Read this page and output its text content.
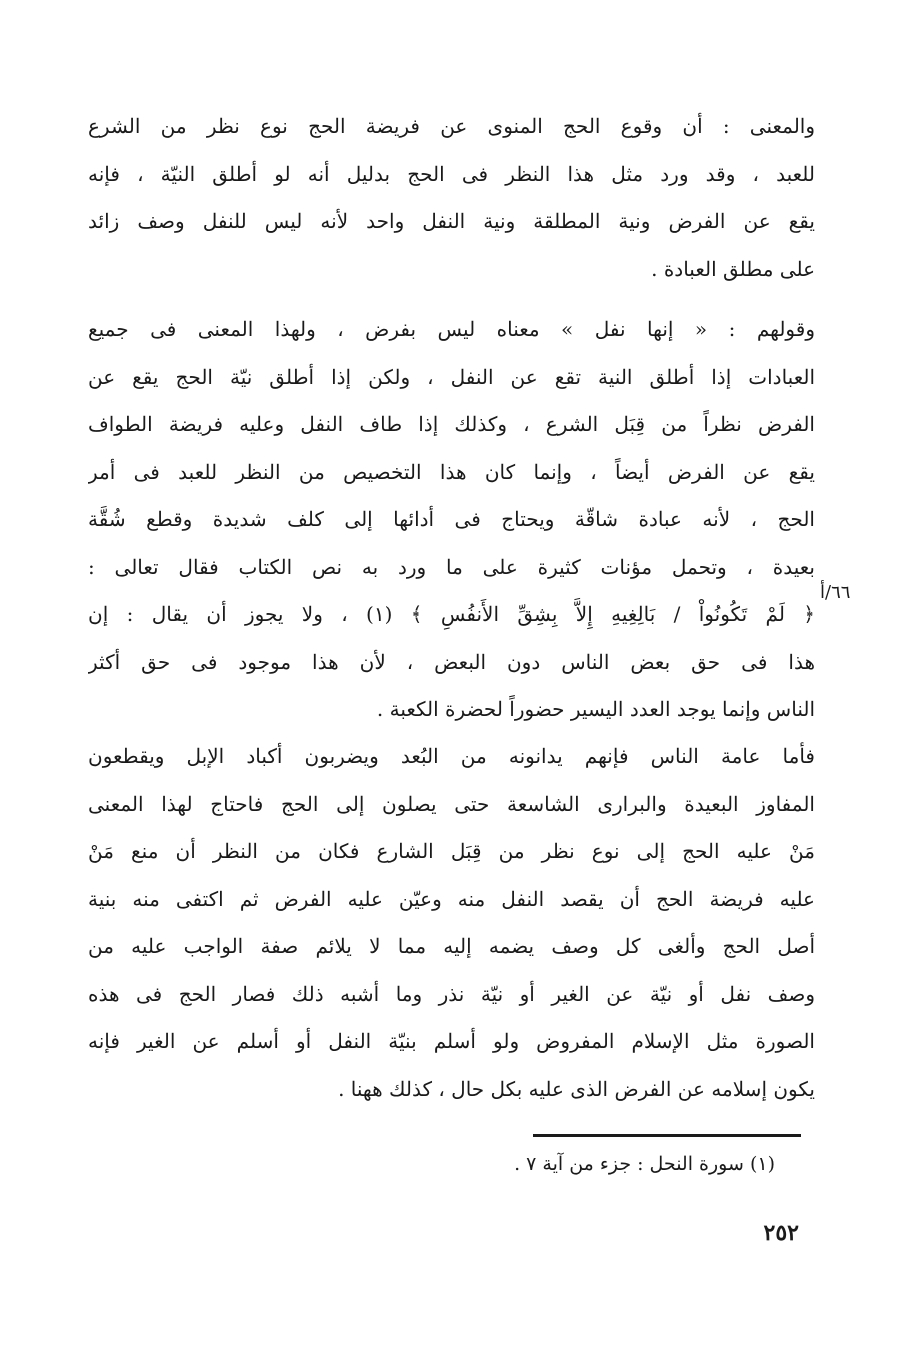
والمعنى : أن وقوع الحج المنوى عن فريضة الحج نوع نظر من الشرع
للعبد ، وقد ورد مثل هذا النظر فى الحج بدليل أنه لو أطلق النيّة ، فإنه
يقع عن الفرض ونية المطلقة ونية النفل واحد لأنه ليس للنفل وصف زائد
على مطلق العبادة .
وقولهم : « إنها نفل » معناه ليس بفرض ، ولهذا المعنى فى جميع
العبادات إذا أطلق النية تقع عن النفل ، ولكن إذا أطلق نيّة الحج يقع عن
الفرض نظراً من قِبَل الشرع ، وكذلك إذا طاف النفل وعليه فريضة الطواف
يقع عن الفرض أيضاً ، وإنما كان هذا التخصيص من النظر للعبد فى أمر
الحج ، لأنه عبادة شاقّة ويحتاج فى أدائها إلى كلف شديدة وقطع شُقَّة
بعيدة ، وتحمل مؤنات كثيرة على ما ورد به نص الكتاب فقال تعالى :
﴿ لَمْ تَكُونُواْ / بَالِغِيهِ إِلاَّ بِشِقِّ الأَنفُسِ ﴾ (١) ، ولا يجوز أن يقال : إن
هذا فى حق بعض الناس دون البعض ، لأن هذا موجود فى حق أكثر
الناس وإنما يوجد العدد اليسير حضوراً لحضرة الكعبة .
٦٦/أ
فأما عامة الناس فإنهم يدانونه من البُعد ويضربون أكباد الإبل ويقطعون
المفاوز البعيدة والبرارى الشاسعة حتى يصلون إلى الحج فاحتاج لهذا المعنى
مَنْ عليه الحج إلى نوع نظر من قِبَل الشارع فكان من النظر أن منع مَنْ
عليه فريضة الحج أن يقصد النفل منه وعيّن عليه الفرض ثم اكتفى منه بنية
أصل الحج وألغى كل وصف يضمه إليه مما لا يلائم صفة الواجب عليه من
وصف نفل أو نيّة عن الغير أو نيّة نذر وما أشبه ذلك فصار الحج فى هذه
الصورة مثل الإسلام المفروض ولو أسلم بنيّة النفل أو أسلم عن الغير فإنه
يكون إسلامه عن الفرض الذى عليه بكل حال ، كذلك ههنا .
(١) سورة النحل : جزء من آية ٧ .
٢٥٢
